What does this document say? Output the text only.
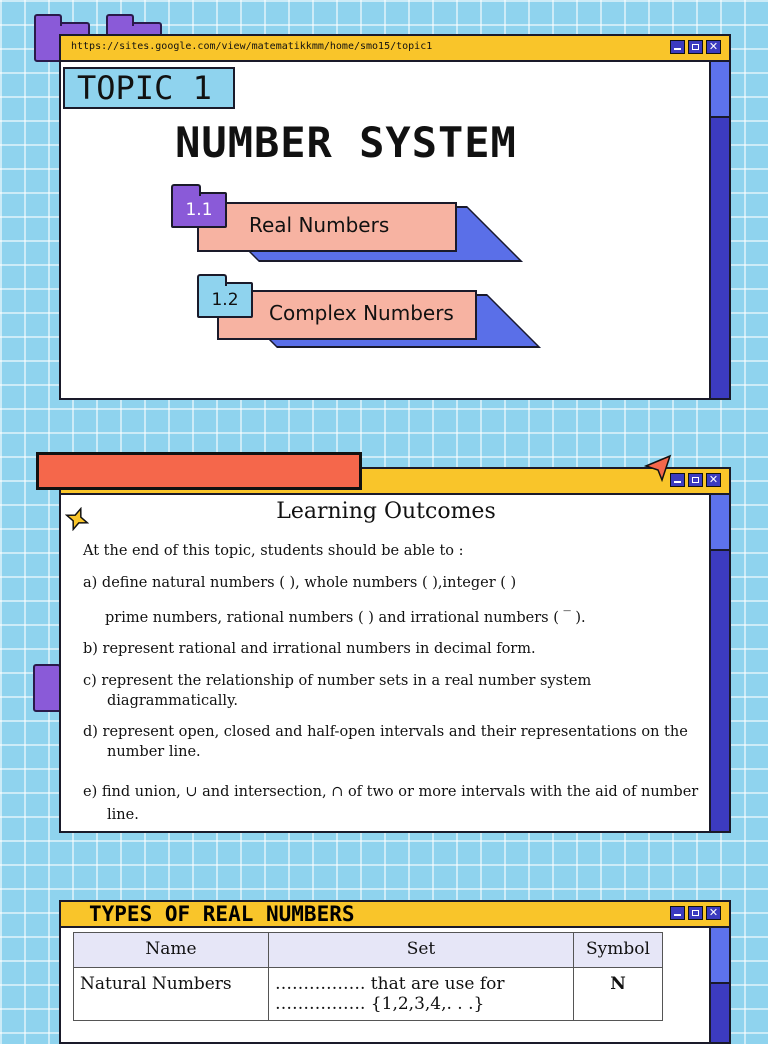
https://sites.google.com/view/matematikkmm/home/smo15/topic1	✕
TOPIC 1
NUMBER SYSTEM
Real Numbers
1.1
Complex Numbers
1.2
✕
Learning Outcomes
At the end of this topic, students should be able to :
a) define natural numbers ( ), whole numbers ( ),integer ( )
prime numbers, rational numbers ( ) and irrational numbers ( ‾ ).
b) represent rational and irrational numbers in decimal form.
c) represent the relationship of number sets in a real number system
diagrammatically.
d) represent open, closed and half-open intervals and their representations on the
number line.
e) find union, ∪ and intersection, ∩ of two or more intervals with the aid of number
line.
TYPES OF REAL NUMBERS	✕
Name	Set	Symbol
Natural Numbers	……………. that are use for ……………. {1,2,3,4,. . .}	N
